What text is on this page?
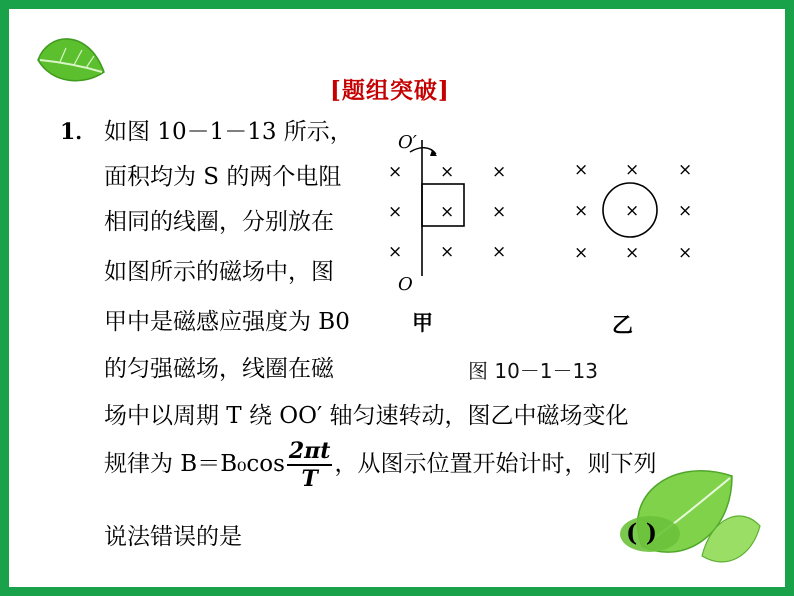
[题组突破]
1． 如图 10－1－13 所示，
面积均为 S 的两个电阻
相同的线圈，分别放在
如图所示的磁场中，图
甲中是磁感应强度为 B0
的匀强磁场，线圈在磁
场中以周期 T 绕 OO′ 轴匀速转动，图乙中磁场变化
规律为 $B=B_0\cos \frac{2\pi t}{T}$ ，从图示位置开始计时，则下列
说法错误的是
O′
O
× × ×
× × ×
× × ×
× × ×
× × ×
× × ×
甲	乙
图 10－1－13
( )
